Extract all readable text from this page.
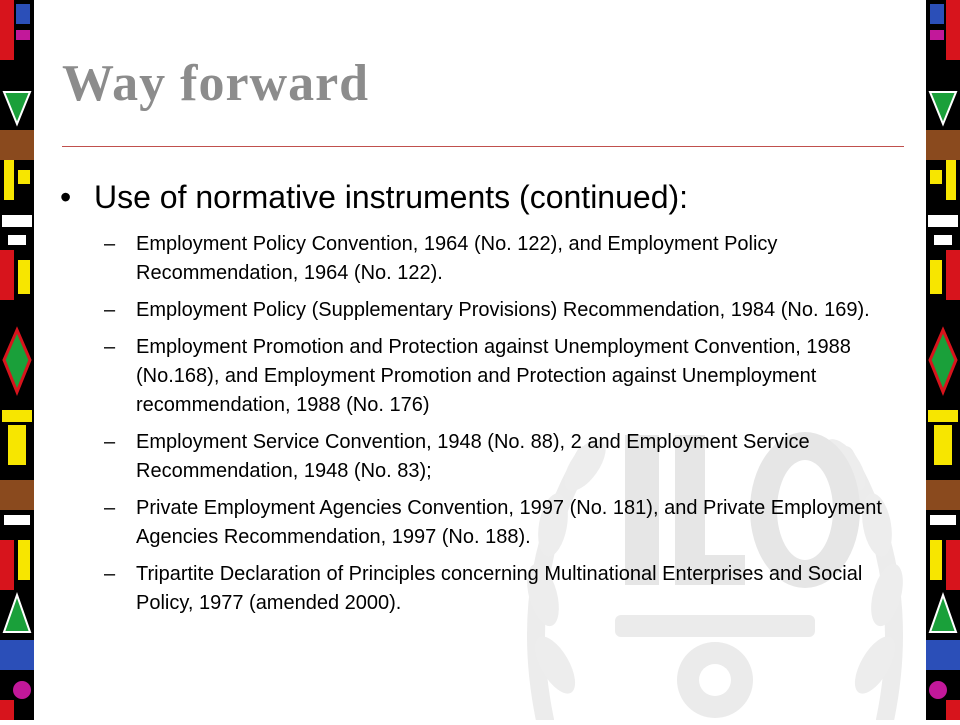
Way forward
• Use of normative instruments (continued):
–	Employment Policy Convention, 1964 (No. 122), and Employment Policy Recommendation, 1964 (No. 122).
–	Employment Policy (Supplementary Provisions) Recommendation, 1984 (No. 169).
–	Employment Promotion and Protection against Unemployment Convention, 1988 (No.168), and Employment Promotion and Protection against Unemployment recommendation, 1988 (No. 176)
–	Employment Service Convention, 1948 (No. 88), 2 and Employment Service Recommendation, 1948 (No. 83);
–	Private Employment Agencies Convention, 1997 (No. 181), and Private Employment Agencies Recommendation, 1997 (No. 188).
–	Tripartite Declaration of Principles concerning Multinational Enterprises and Social Policy, 1977 (amended 2000).
